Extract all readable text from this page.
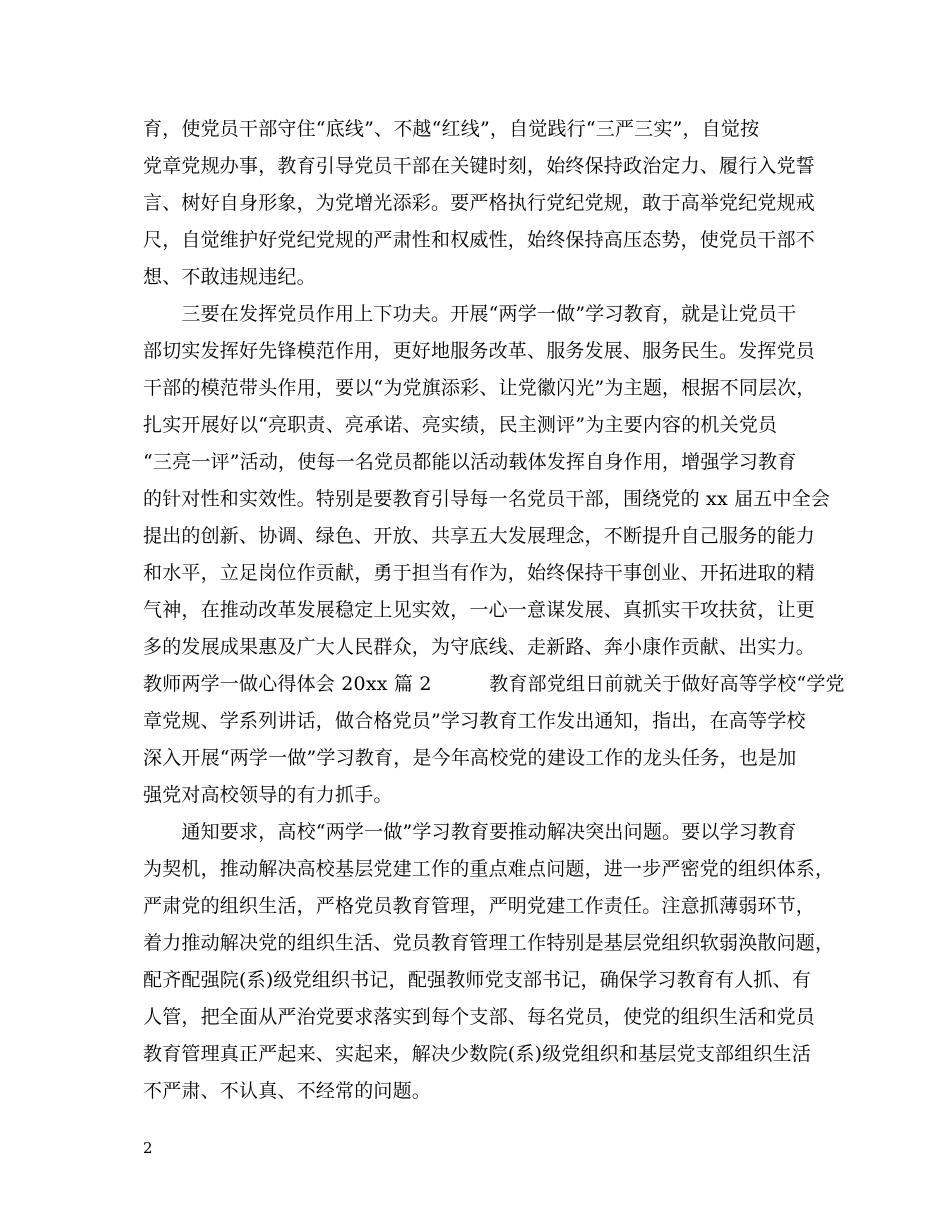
育，使党员干部守住“底线”、不越“红线”，自觉践行“三严三实”，自觉按
党章党规办事，教育引导党员干部在关键时刻，始终保持政治定力、履行入党誓
言、树好自身形象，为党增光添彩。要严格执行党纪党规，敢于高举党纪党规戒
尺，自觉维护好党纪党规的严肃性和权威性，始终保持高压态势，使党员干部不
想、不敢违规违纪。
　　三要在发挥党员作用上下功夫。开展“两学一做”学习教育，就是让党员干
部切实发挥好先锋模范作用，更好地服务改革、服务发展、服务民生。发挥党员
干部的模范带头作用，要以“为党旗添彩、让党徽闪光”为主题，根据不同层次，
扎实开展好以“亮职责、亮承诺、亮实绩，民主测评”为主要内容的机关党员
“三亮一评”活动，使每一名党员都能以活动载体发挥自身作用，增强学习教育
的针对性和实效性。特别是要教育引导每一名党员干部，围绕党的 xx 届五中全会
提出的创新、协调、绿色、开放、共享五大发展理念，不断提升自己服务的能力
和水平，立足岗位作贡献，勇于担当有作为，始终保持干事创业、开拓进取的精
气神，在推动改革发展稳定上见实效，一心一意谋发展、真抓实干攻扶贫，让更
多的发展成果惠及广大人民群众，为守底线、走新路、奔小康作贡献、出实力。
教师两学一做心得体会 20xx 篇 2　　　教育部党组日前就关于做好高等学校“学党
章党规、学系列讲话，做合格党员”学习教育工作发出通知，指出，在高等学校
深入开展“两学一做”学习教育，是今年高校党的建设工作的龙头任务，也是加
强党对高校领导的有力抓手。
　　通知要求，高校“两学一做”学习教育要推动解决突出问题。要以学习教育
为契机，推动解决高校基层党建工作的重点难点问题，进一步严密党的组织体系，
严肃党的组织生活，严格党员教育管理，严明党建工作责任。注意抓薄弱环节，
着力推动解决党的组织生活、党员教育管理工作特别是基层党组织软弱涣散问题，
配齐配强院(系)级党组织书记，配强教师党支部书记，确保学习教育有人抓、有
人管，把全面从严治党要求落实到每个支部、每名党员，使党的组织生活和党员
教育管理真正严起来、实起来，解决少数院(系)级党组织和基层党支部组织生活
不严肃、不认真、不经常的问题。
2
